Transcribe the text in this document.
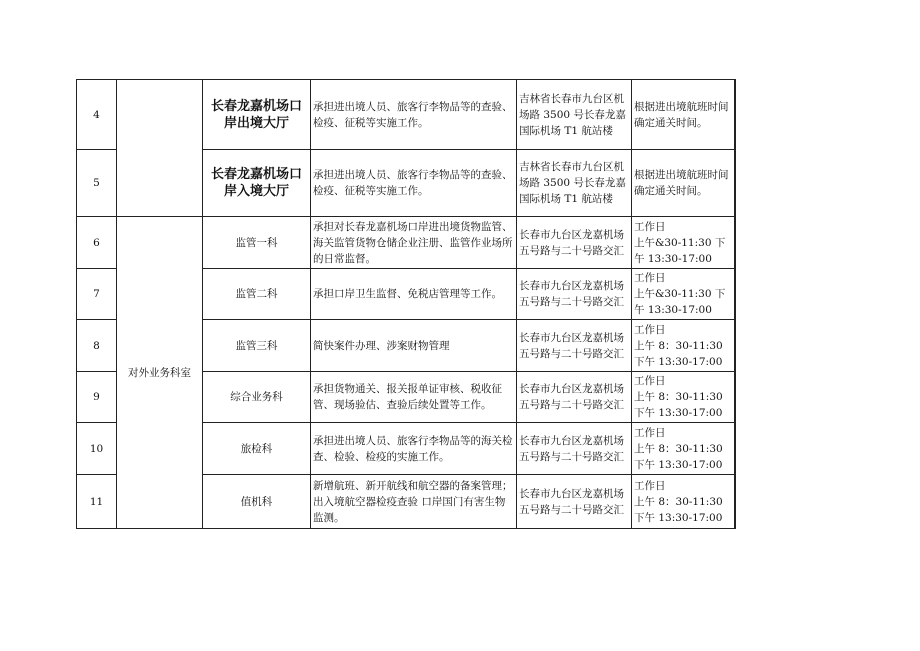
4		长春龙嘉机场口岸出境大厅	承担进出境人员、旅客行李物品等的查验、检疫、征税等实施工作。	吉林省长春市九台区机场路 3500 号长春龙嘉国际机场 T1 航站楼	根据进出境航班时间确定通关时间。	
5		长春龙嘉机场口岸入境大厅	承担进出境人员、旅客行李物品等的查验、检疫、征税等实施工作。	吉林省长春市九台区机场路 3500 号长春龙嘉国际机场 T1 航站楼	根据进出境航班时间确定通关时间。	
6	对外业务科室	监管一科	承担对长春龙嘉机场口岸进出境货物监管、海关监管货物仓储企业注册、监管作业场所的日常监督。	长春市九台区龙嘉机场五号路与二十号路交汇	工作日
上午&30-11:30 下午 13:30-17:00	
7		监管二科	承担口岸卫生监督、免税店管理等工作。	长春市九台区龙嘉机场五号路与二十号路交汇	工作日
上午&30-11:30 下午 13:30-17:00	
8		监管三科	简快案件办理、涉案财物管理	长春市九台区龙嘉机场五号路与二十号路交汇	工作日
上午 8：30-11:30
下午 13:30-17:00	
9		综合业务科	承担货物通关、报关报单证审核、税收征管、现场验估、查验后续处置等工作。	长春市九台区龙嘉机场五号路与二十号路交汇	工作日
上午 8：30-11:30 下午 13:30-17:00	
10		旅检科	承担进出境人员、旅客行李物品等的海关检查、检验、检疫的实施工作。	长春市九台区龙嘉机场五号路与二十号路交汇	工作日
上午 8：30-11:30 下午 13:30-17:00	
11		值机科	新增航班、新开航线和航空器的备案管理；出入境航空器检疫查验 口岸国门有害生物监测。	长春市九台区龙嘉机场五号路与二十号路交汇	工作日
上午 8：30-11:30
下午 13:30-17:00	
